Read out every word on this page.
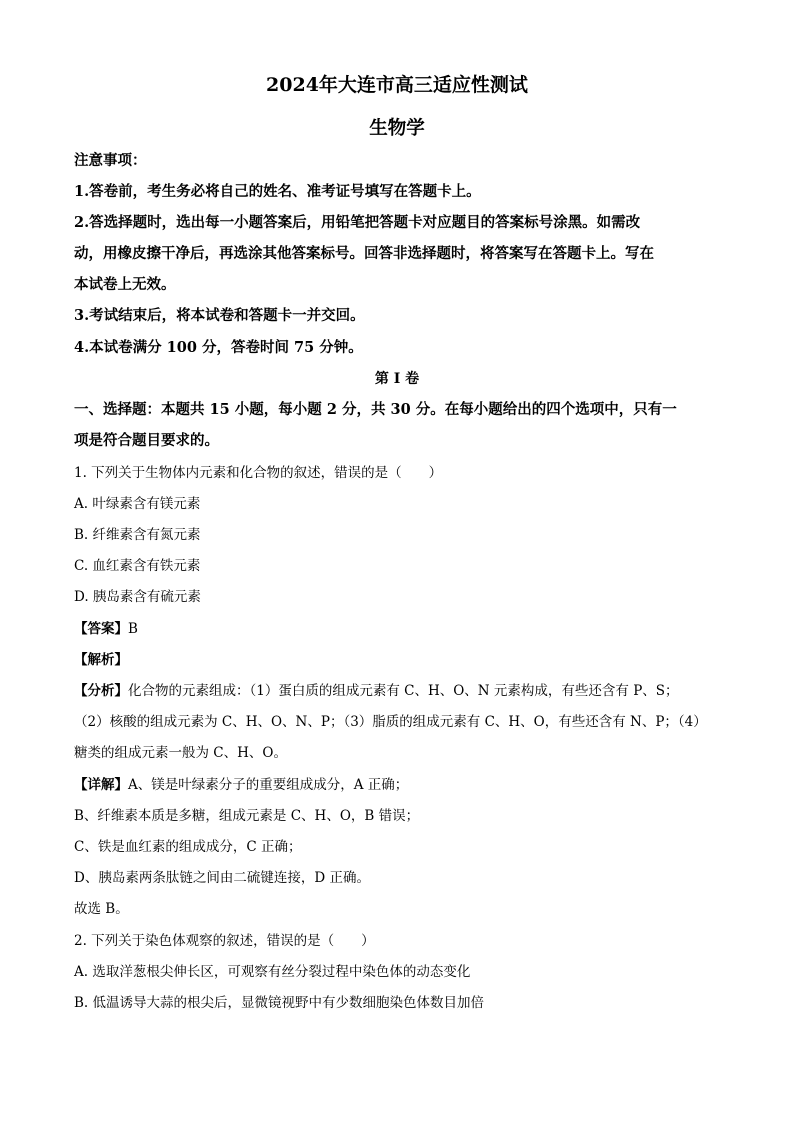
2024年大连市高三适应性测试
生物学

注意事项：

1.答卷前，考生务必将自己的姓名、准考证号填写在答题卡上。

2.答选择题时，选出每一小题答案后，用铅笔把答题卡对应题目的答案标号涂黑。如需改

动，用橡皮擦干净后，再选涂其他答案标号。回答非选择题时，将答案写在答题卡上。写在

本试卷上无效。

3.考试结束后，将本试卷和答题卡一并交回。

4.本试卷满分 100 分，答卷时间 75 分钟。

第 I 卷

一、选择题：本题共 15 小题，每小题 2 分，共 30 分。在每小题给出的四个选项中，只有一

项是符合题目要求的。

1. 下列关于生物体内元素和化合物的叙述，错误的是（　　）

A. 叶绿素含有镁元素

B. 纤维素含有氮元素

C. 血红素含有铁元素

D. 胰岛素含有硫元素

【答案】B

【解析】

【分析】化合物的元素组成：（1）蛋白质的组成元素有 C、H、O、N 元素构成，有些还含有 P、S；

（2）核酸的组成元素为 C、H、O、N、P；（3）脂质的组成元素有 C、H、O，有些还含有 N、P；（4）

糖类的组成元素一般为 C、H、O。

【详解】A、镁是叶绿素分子的重要组成成分，A 正确；

B、纤维素本质是多糖，组成元素是 C、H、O，B 错误；

C、铁是血红素的组成成分，C 正确；

D、胰岛素两条肽链之间由二硫键连接，D 正确。

故选 B。

2. 下列关于染色体观察的叙述，错误的是（　　）

A. 选取洋葱根尖伸长区，可观察有丝分裂过程中染色体的动态变化

B. 低温诱导大蒜的根尖后，显微镜视野中有少数细胞染色体数目加倍
